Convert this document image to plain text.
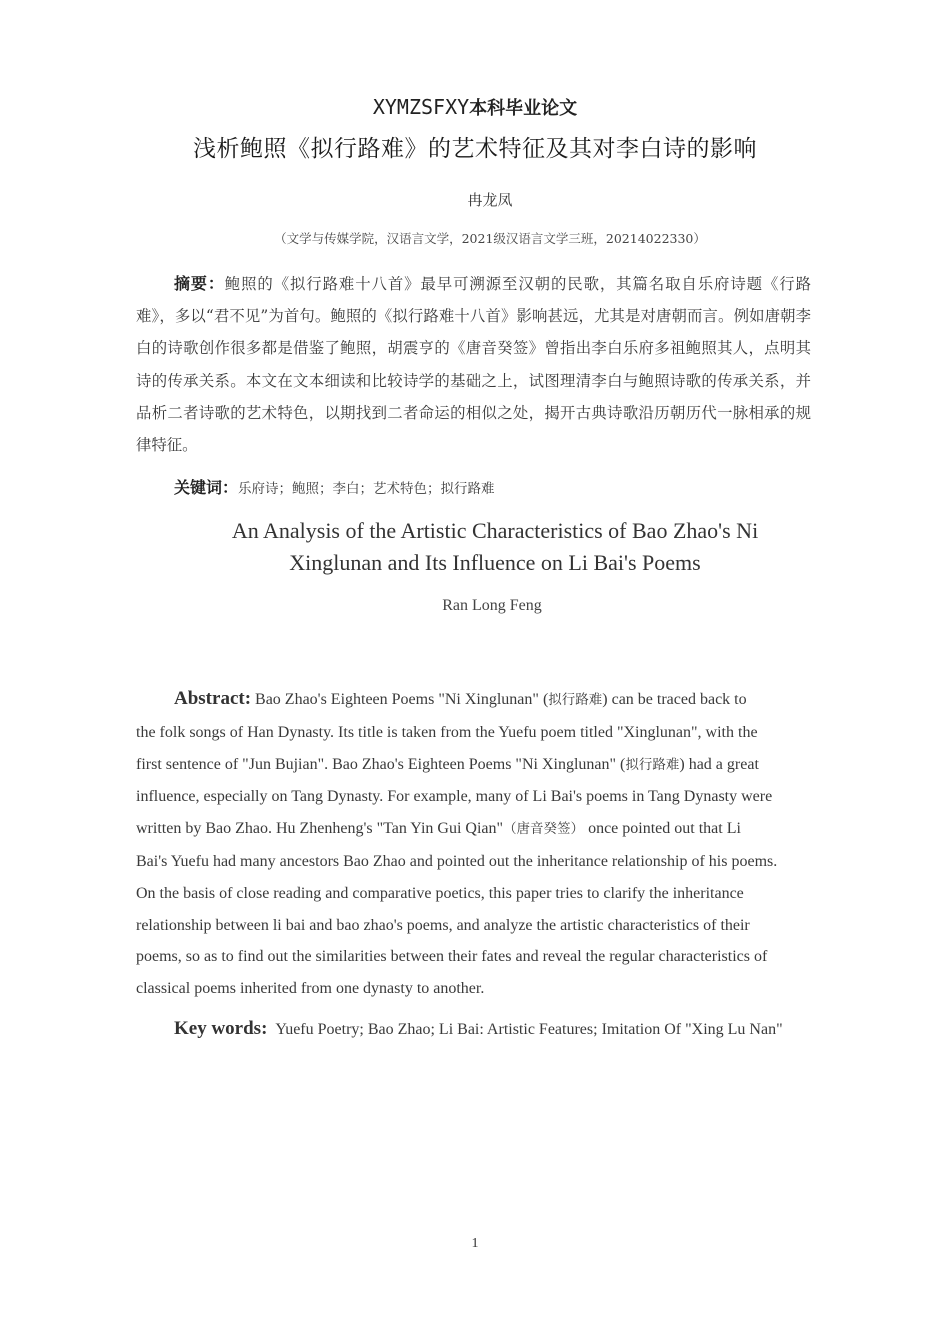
XYMZSFXY本科毕业论文
浅析鲍照《拟行路难》的艺术特征及其对李白诗的影响
冉龙凤
（文学与传媒学院，汉语言文学，2021级汉语言文学三班，20214022330）
摘要：鲍照的《拟行路难十八首》最早可溯源至汉朝的民歌，其篇名取自乐府诗题《行路难》，多以“君不见”为首句。鲍照的《拟行路难十八首》影响甚远，尤其是对唐朝而言。例如唐朝李白的诗歌创作很多都是借鉴了鲍照，胡震亨的《唐音癸签》曾指出李白乐府多祖鲍照其人，点明其诗的传承关系。本文在文本细读和比较诗学的基础之上，试图理清李白与鲍照诗歌的传承关系，并品析二者诗歌的艺术特色，以期找到二者命运的相似之处，揭开古典诗歌沿历朝历代一脉相承的规律特征。
关键词：乐府诗；鲍照；李白；艺术特色；拟行路难
An Analysis of the Artistic Characteristics of Bao Zhao's Ni
Xinglunan and Its Influence on Li Bai's Poems
Ran Long Feng
Abstract: Bao Zhao's Eighteen Poems "Ni Xinglunan" (拟行路难) can be traced back to
the folk songs of Han Dynasty. Its title is taken from the Yuefu poem titled "Xinglunan", with the
first sentence of "Jun Bujian". Bao Zhao's Eighteen Poems "Ni Xinglunan" (拟行路难) had a great
influence, especially on Tang Dynasty. For example, many of Li Bai's poems in Tang Dynasty were
written by Bao Zhao. Hu Zhenheng's "Tan Yin Gui Qian"（唐音癸签） once pointed out that Li
Bai's Yuefu had many ancestors Bao Zhao and pointed out the inheritance relationship of his poems.
On the basis of close reading and comparative poetics, this paper tries to clarify the inheritance
relationship between li bai and bao zhao's poems, and analyze the artistic characteristics of their
poems, so as to find out the similarities between their fates and reveal the regular characteristics of
classical poems inherited from one dynasty to another.
Key words: Yuefu Poetry; Bao Zhao; Li Bai: Artistic Features; Imitation Of "Xing Lu Nan"
1
